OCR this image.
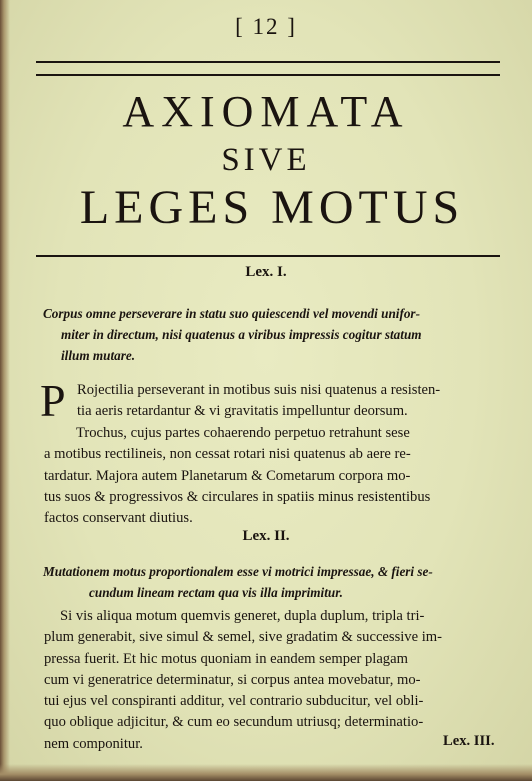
[ 12 ]
AXIOMATA
SIVE
LEGES MOTUS
Lex. I.
Corpus omne perseverare in statu suo quiescendi vel movendi unifor-
miter in directum, nisi quatenus a viribus impressis cogitur statum
illum mutare.
P Rojectilia perseverant in motibus suis nisi quatenus a resisten-
tia aeris retardantur & vi gravitatis impelluntur deorsum.
Trochus, cujus partes cohaerendo perpetuo retrahunt sese
a motibus rectilineis, non cessat rotari nisi quatenus ab aere re-
tardatur. Majora autem Planetarum & Cometarum corpora mo-
tus suos & progressivos & circulares in spatiis minus resistentibus
factos conservant diutius.
Lex. II.
Mutationem motus proportionalem esse vi motrici impressae, & fieri se-
cundum lineam rectam qua vis illa imprimitur.
Si vis aliqua motum quemvis generet, dupla duplum, tripla tri-
plum generabit, sive simul & semel, sive gradatim & successive im-
pressa fuerit. Et hic motus quoniam in eandem semper plagam
cum vi generatrice determinatur, si corpus antea movebatur, mo-
tui ejus vel conspiranti additur, vel contrario subducitur, vel obli-
quo oblique adjicitur, & cum eo secundum utriusq; determinatio-
nem componitur.	Lex. III.
